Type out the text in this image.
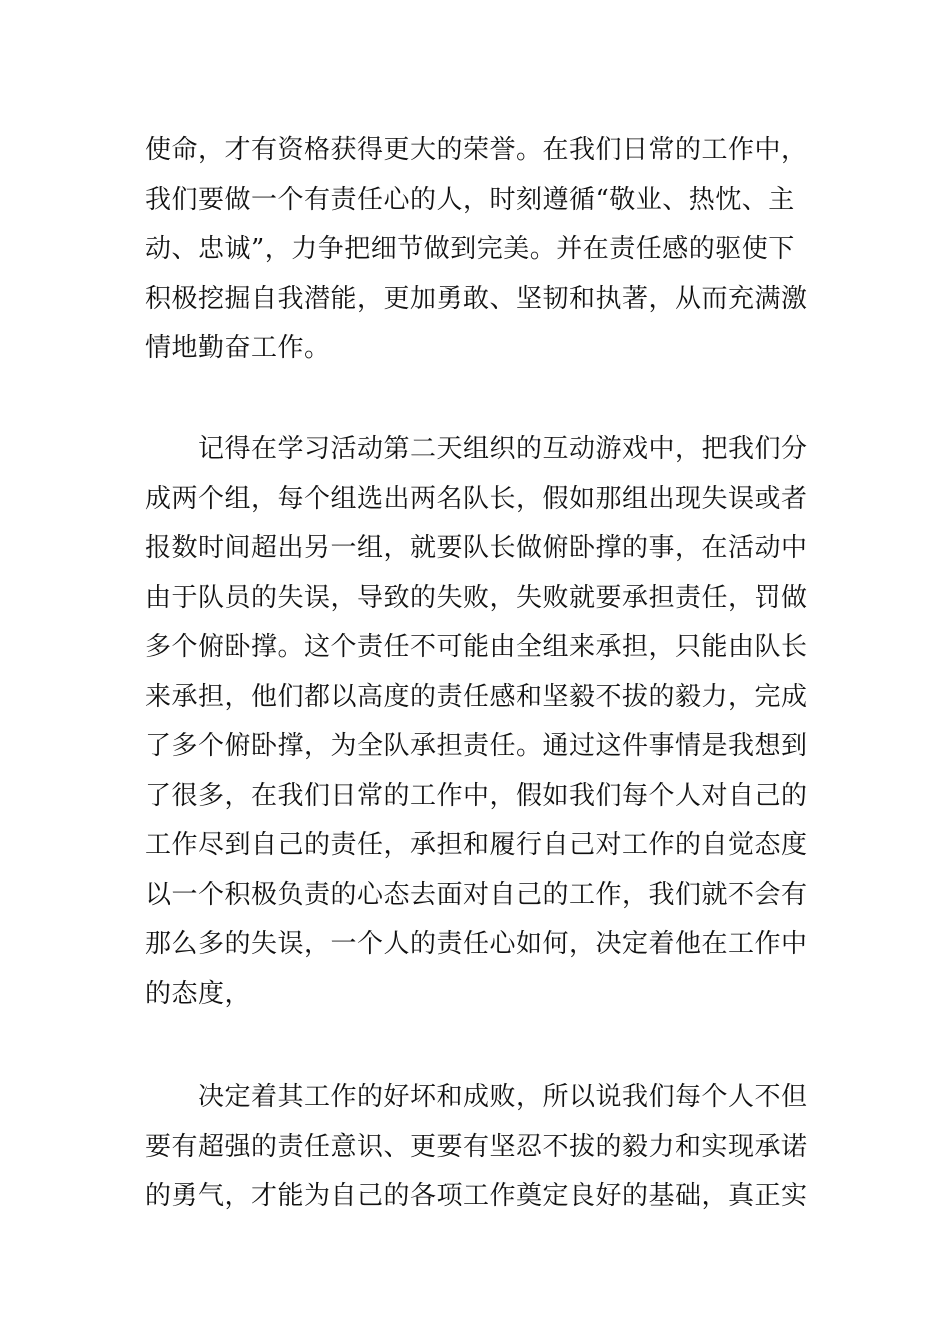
使命，才有资格获得更大的荣誉。在我们日常的工作中，
我们要做一个有责任心的人，时刻遵循“敬业、热忱、主
动、忠诚”，力争把细节做到完美。并在责任感的驱使下
积极挖掘自我潜能，更加勇敢、坚韧和执著，从而充满激
情地勤奋工作。
记得在学习活动第二天组织的互动游戏中，把我们分
成两个组，每个组选出两名队长，假如那组出现失误或者
报数时间超出另一组，就要队长做俯卧撑的事，在活动中
由于队员的失误，导致的失败，失败就要承担责任，罚做
多个俯卧撑。这个责任不可能由全组来承担，只能由队长
来承担，他们都以高度的责任感和坚毅不拔的毅力，完成
了多个俯卧撑，为全队承担责任。通过这件事情是我想到
了很多，在我们日常的工作中，假如我们每个人对自己的
工作尽到自己的责任，承担和履行自己对工作的自觉态度
以一个积极负责的心态去面对自己的工作，我们就不会有
那么多的失误，一个人的责任心如何，决定着他在工作中
的态度，
决定着其工作的好坏和成败，所以说我们每个人不但
要有超强的责任意识、更要有坚忍不拔的毅力和实现承诺
的勇气，才能为自己的各项工作奠定良好的基础，真正实
